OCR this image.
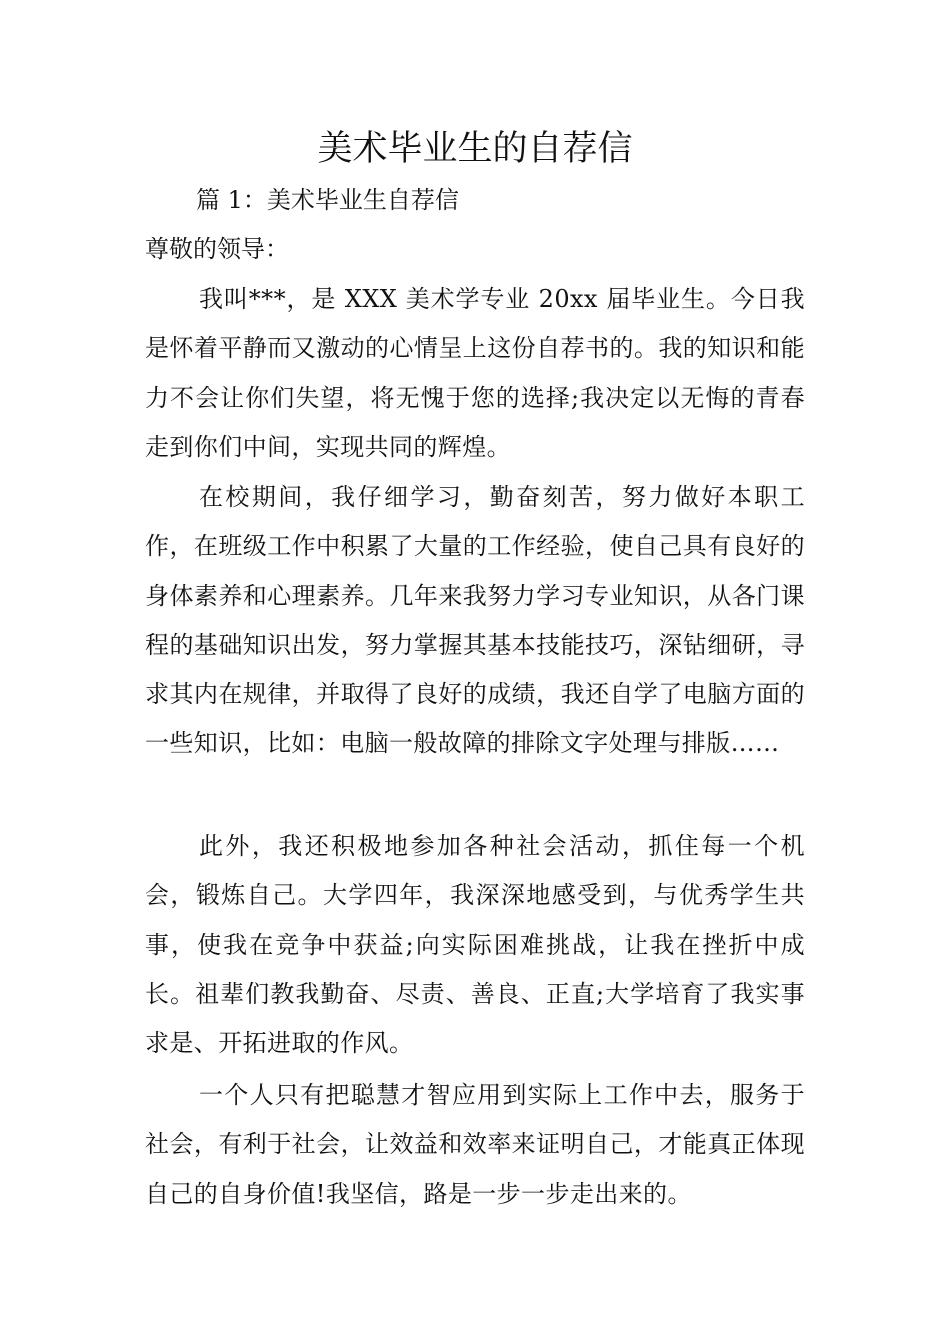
美术毕业生的自荐信

篇 1：美术毕业生自荐信

尊敬的领导：

我叫***，是 XXX 美术学专业 20xx 届毕业生。今日我是怀着平静而又激动的心情呈上这份自荐书的。我的知识和能力不会让你们失望，将无愧于您的选择;我决定以无悔的青春走到你们中间，实现共同的辉煌。

在校期间，我仔细学习，勤奋刻苦，努力做好本职工作，在班级工作中积累了大量的工作经验，使自己具有良好的身体素养和心理素养。几年来我努力学习专业知识，从各门课程的基础知识出发，努力掌握其基本技能技巧，深钻细研，寻求其内在规律，并取得了良好的成绩，我还自学了电脑方面的一些知识，比如：电脑一般故障的排除文字处理与排版……

此外，我还积极地参加各种社会活动，抓住每一个机会，锻炼自己。大学四年，我深深地感受到，与优秀学生共事，使我在竞争中获益;向实际困难挑战，让我在挫折中成长。祖辈们教我勤奋、尽责、善良、正直;大学培育了我实事求是、开拓进取的作风。

一个人只有把聪慧才智应用到实际上工作中去，服务于社会，有利于社会，让效益和效率来证明自己，才能真正体现自己的自身价值!我坚信，路是一步一步走出来的。
